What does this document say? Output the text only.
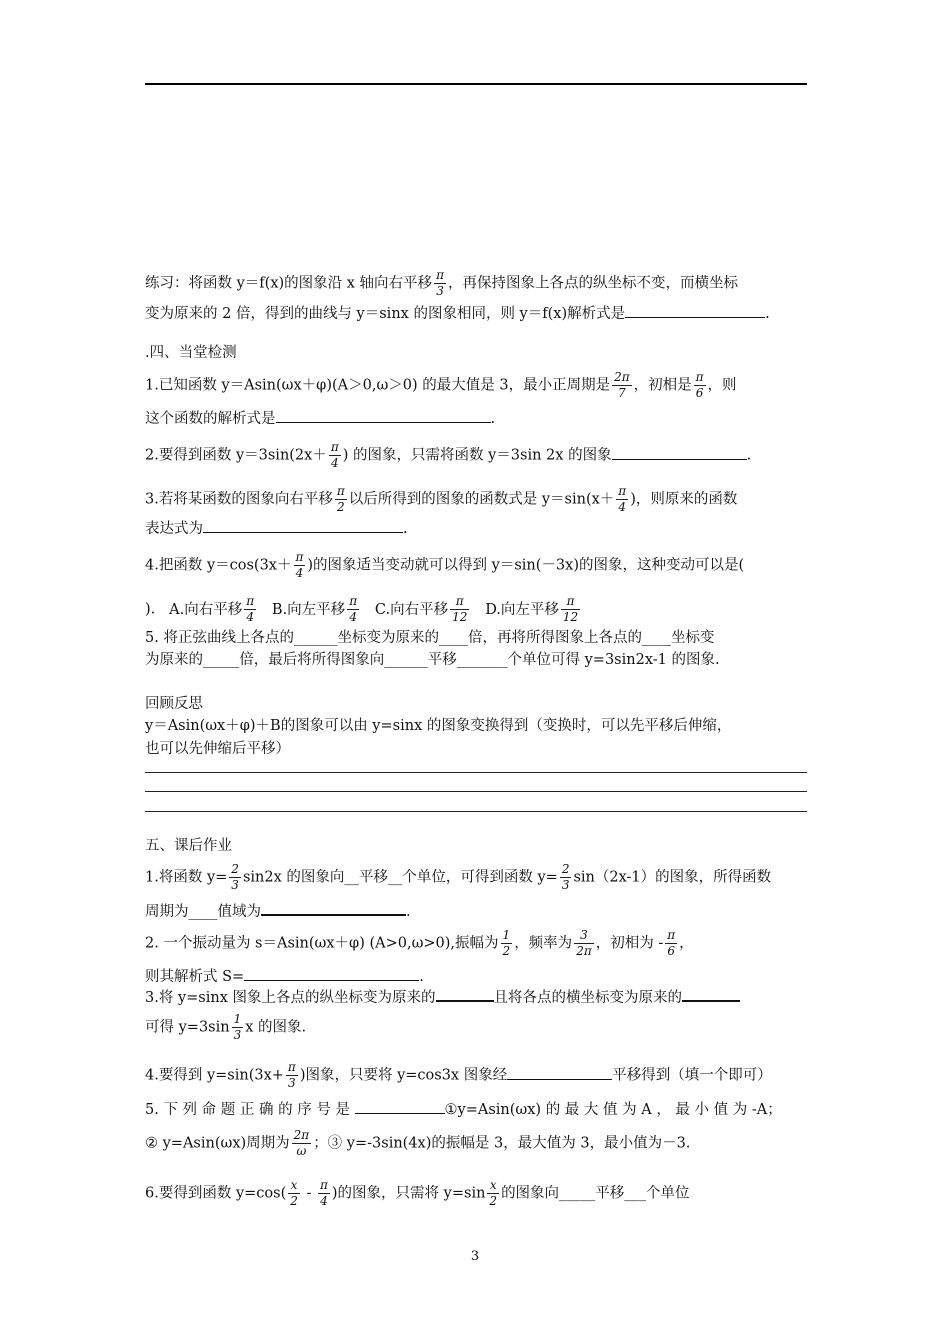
练习：将函数 y＝f(x)的图象沿 x 轴向右平移 $\frac{\pi}{3}$ ，再保持图象上各点的纵坐标不变，而横坐标
变为原来的 2 倍，得到的曲线与 y＝sinx 的图象相同，则 y＝f(x)解析式是	.
.四、当堂检测
1.已知函数 y＝Asin(ωx＋φ)(A＞0,ω＞0) 的最大值是 3，最小正周期是 $\frac{2\pi}{7}$ ，初相是 $\frac{\pi}{6}$ ，则
这个函数的解析式是	.
2.要得到函数 $y=3\sin(2x+ \frac{\pi}{4}$ ) 的图象，只需将函数 y＝3sin 2x 的图象	.
3.若将某函数的图象向右平移 $\frac{\pi}{2}$ 以后所得到的图象的函数式是 $y=\sin(x+ \frac{\pi}{4}$ )，则原来的函数
表达式为	.
4.把函数 $y=\cos(3x+ \frac{\pi}{4}$ )的图象适当变动就可以得到 y＝sin(－3x)的图象，这种变动可以是(
). A.向右平移 $\frac{\pi}{4} B$.向左平移 $\frac{\pi}{4} C$.向右平移 $\frac{\pi}{12} D$.向左平移 $\frac{\pi}{12}$
5. 将正弦曲线上各点的______坐标变为原来的____倍，再将所得图象上各点的____坐标变
为原来的_____倍，最后将所得图象向______平移_______个单位可得 y=3sin2x-1 的图象.
回顾反思
y＝Asin(ωx＋φ)＋B的图象可以由 y=sinx 的图象变换得到（变换时，可以先平移后伸缩，
也可以先伸缩后平移）
五、课后作业
1.将函数 $y= \frac{2}{3} \sin 2x$ 的图象向__平移__个单位，可得到函数 $y= \frac{2}{3} \sin(2x-1)$的图象，所得函数
周期为____值域为	.
2. 一个振动量为 s＝Asin(ωx＋φ) (A>0,ω>0),振幅为 $\frac{1}{2}$ ，频率为 $\frac{3}{2\pi}$ ，初相为 - $\frac{\pi}{6}$ ，
则其解析式 S=	.
3.将 y=sinx 图象上各点的纵坐标变为原来的	且将各点的横坐标变为原来的
可得 $y=3\sin \frac{1}{3}$ x 的图象.
4.要得到 $y=\sin(3x+ \frac{\pi}{3}$ )图象，只要将 y=cos3x 图象经	平移得到（填一个即可）
5. 下 列 命 题 正 确 的 序 号 是	①y=Asin(ωx) 的 最 大 值 为 A ， 最 小 值 为 -A；
② y=Asin(ωx)周期为 $\frac{2\pi}{\omega}$ ；③ y=-3sin(4x)的振幅是 3，最大值为 3，最小值为－3.
6.要得到函数 $y=\cos( \frac{x}{2} - \frac{\pi}{4}$ )的图象，只需将 $y=\sin \frac{x}{2}$ 的图象向_____平移___个单位
3
